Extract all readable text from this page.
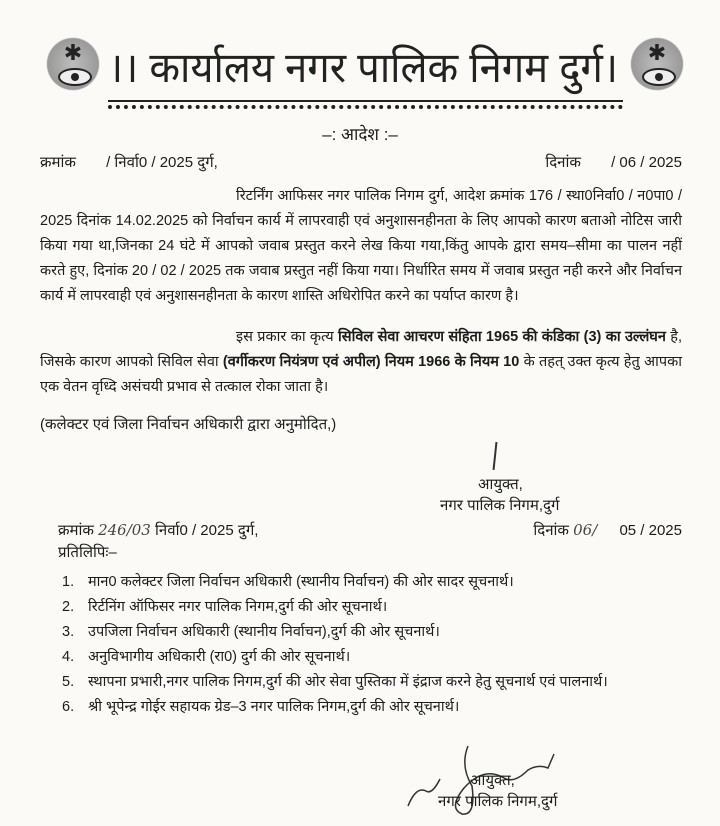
✱	✱
।। कार्यालय नगर पालिक निगम दुर्ग।
–: आदेश :–
क्रमांक / निर्वा0 / 2025 दुर्ग,	दिनांक / 06 / 2025
रिटर्निंग आफिसर नगर पालिक निगम दुर्ग, आदेश क्रमांक 176 / स्था0निर्वा0 / न0पा0 / 2025 दिनांक 14.02.2025 को निर्वाचन कार्य में लापरवाही एवं अनुशासनहीनता के लिए आपको कारण बताओ नोटिस जारी किया गया था,जिनका 24 घंटे में आपको जवाब प्रस्तुत करने लेख किया गया,किंतु आपके द्वारा समय–सीमा का पालन नहीं करते हुए, दिनांक 20 / 02 / 2025 तक जवाब प्रस्तुत नहीं किया गया। निर्धारित समय में जवाब प्रस्तुत नही करने और निर्वाचन कार्य में लापरवाही एवं अनुशासनहीनता के कारण शास्ति अधिरोपित करने का पर्याप्त कारण है।
इस प्रकार का कृत्य सिविल सेवा आचरण संहिता 1965 की कंडिका (3) का उल्लंघन है, जिसके कारण आपको सिविल सेवा (वर्गीकरण नियंत्रण एवं अपील) नियम 1966 के नियम 10 के तहत् उक्त कृत्य हेतु आपका एक वेतन वृध्दि असंचयी प्रभाव से तत्काल रोका जाता है।
(कलेक्टर एवं जिला निर्वाचन अधिकारी द्वारा अनुमोदित,)
आयुक्त,
नगर पालिक निगम,दुर्ग
क्रमांक 246/03 निर्वा0 / 2025 दुर्ग,	दिनांक 06/ 05 / 2025
प्रतिलिपिः–
1. मान0 कलेक्टर जिला निर्वाचन अधिकारी (स्थानीय निर्वाचन) की ओर सादर सूचनार्थ।
2. रिर्टनिंग ऑफिसर नगर पालिक निगम,दुर्ग की ओर सूचनार्थ।
3. उपजिला निर्वाचन अधिकारी (स्थानीय निर्वाचन),दुर्ग की ओर सूचनार्थ।
4. अनुविभागीय अधिकारी (रा0) दुर्ग की ओर सूचनार्थ।
5. स्थापना प्रभारी,नगर पालिक निगम,दुर्ग की ओर सेवा पुस्तिका में इंद्राज करने हेतु सूचनार्थ एवं पालनार्थ।
6. श्री भूपेन्द्र गोईर सहायक ग्रेड–3 नगर पालिक निगम,दुर्ग की ओर सूचनार्थ।
आयुक्त,
नगर पालिक निगम,दुर्ग
